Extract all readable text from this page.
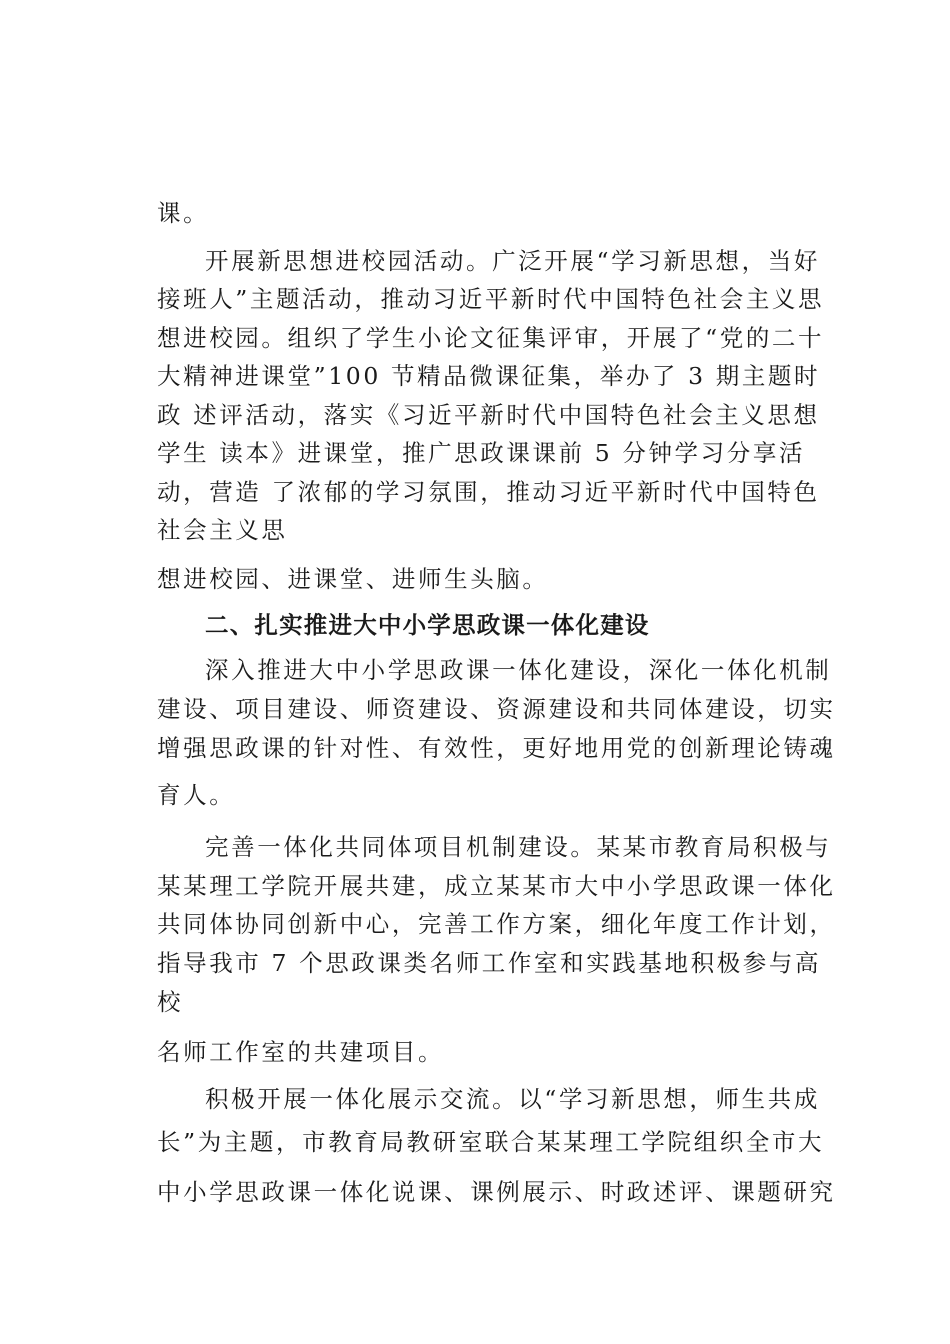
课。
开展新思想进校园活动。广泛开展“学习新思想，当好
接班人”主题活动，推动习近平新时代中国特色社会主义思
想进校园。组织了学生小论文征集评审，开展了“党的二十
大精神进课堂”100 节精品微课征集，举办了 3 期主题时
政 述评活动，落实《习近平新时代中国特色社会主义思想
学生 读本》进课堂，推广思政课课前 5 分钟学习分享活
动，营造 了浓郁的学习氛围，推动习近平新时代中国特色
社会主义思
想进校园、进课堂、进师生头脑。
二、扎实推进大中小学思政课一体化建设
深入推进大中小学思政课一体化建设，深化一体化机制
建设、项目建设、师资建设、资源建设和共同体建设，切实
增强思政课的针对性、有效性，更好地用党的创新理论铸魂
育人。
完善一体化共同体项目机制建设。某某市教育局积极与
某某理工学院开展共建，成立某某市大中小学思政课一体化
共同体协同创新中心，完善工作方案，细化年度工作计划，
指导我市 7 个思政课类名师工作室和实践基地积极参与高
校
名师工作室的共建项目。
积极开展一体化展示交流。以“学习新思想，师生共成
长”为主题，市教育局教研室联合某某理工学院组织全市大
中小学思政课一体化说课、课例展示、时政述评、课题研究
